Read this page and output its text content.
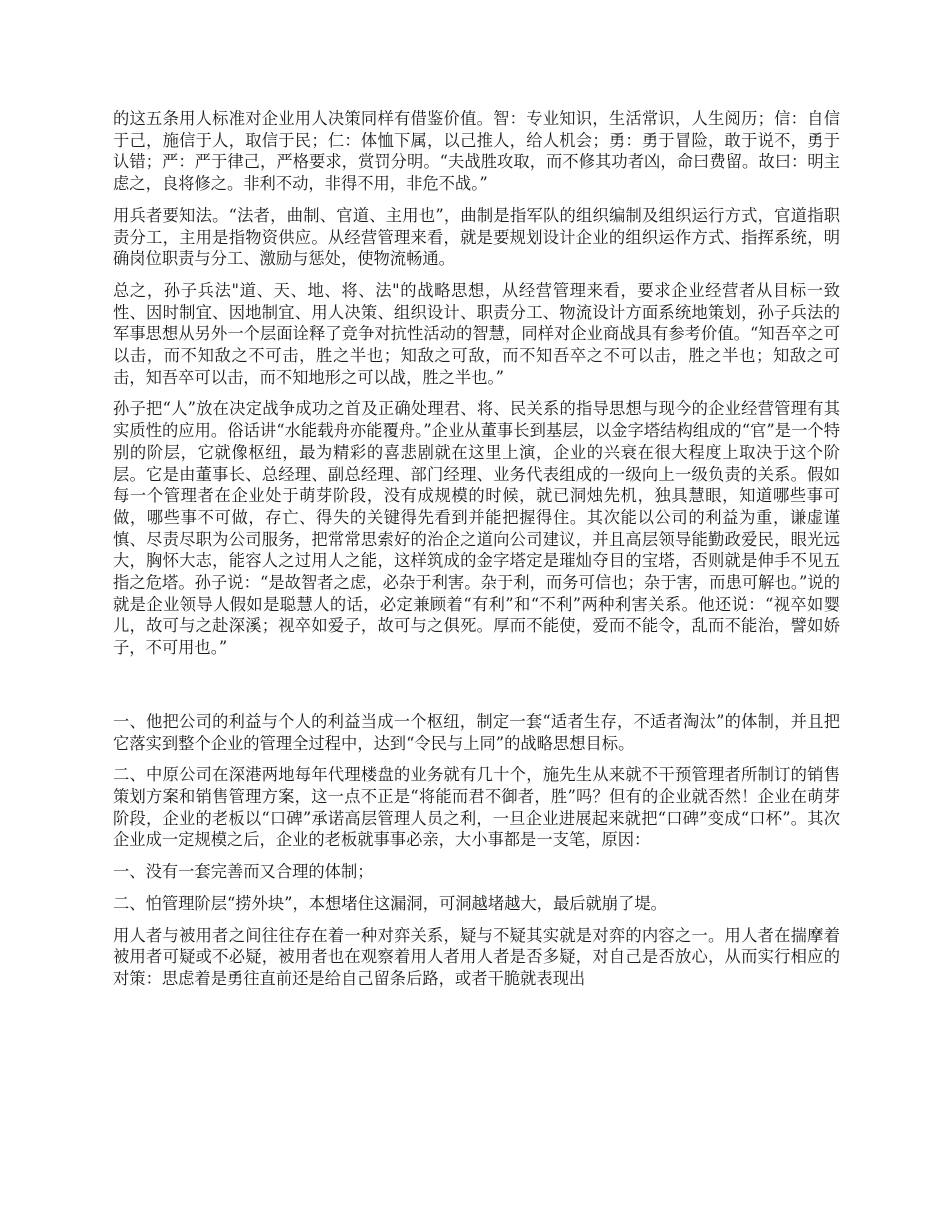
的这五条用人标准对企业用人决策同样有借鉴价值。智：专业知识，生活常识，人生阅历；信：自信于己，施信于人，取信于民；仁：体恤下属，以己推人，给人机会；勇：勇于冒险，敢于说不，勇于认错；严：严于律己，严格要求，赏罚分明。“夫战胜攻取，而不修其功者凶，命曰费留。故曰：明主虑之，良将修之。非利不动，非得不用，非危不战。”

用兵者要知法。“法者，曲制、官道、主用也”，曲制是指军队的组织编制及组织运行方式，官道指职责分工，主用是指物资供应。从经营管理来看，就是要规划设计企业的组织运作方式、指挥系统，明确岗位职责与分工、激励与惩处，使物流畅通。

总之，孙子兵法"道、天、地、将、法"的战略思想，从经营管理来看，要求企业经营者从目标一致性、因时制宜、因地制宜、用人决策、组织设计、职责分工、物流设计方面系统地策划，孙子兵法的军事思想从另外一个层面诠释了竞争对抗性活动的智慧，同样对企业商战具有参考价值。“知吾卒之可以击，而不知敌之不可击，胜之半也；知敌之可敌，而不知吾卒之不可以击，胜之半也；知敌之可击，知吾卒可以击，而不知地形之可以战，胜之半也。”

孙子把“人”放在决定战争成功之首及正确处理君、将、民关系的指导思想与现今的企业经营管理有其实质性的应用。俗话讲“水能载舟亦能覆舟。”企业从董事长到基层，以金字塔结构组成的“官”是一个特别的阶层，它就像枢纽，最为精彩的喜悲剧就在这里上演，企业的兴衰在很大程度上取决于这个阶层。它是由董事长、总经理、副总经理、部门经理、业务代表组成的一级向上一级负责的关系。假如每一个管理者在企业处于萌芽阶段，没有成规模的时候，就已洞烛先机，独具慧眼，知道哪些事可做，哪些事不可做，存亡、得失的关键得先看到并能把握得住。其次能以公司的利益为重，谦虚谨慎、尽责尽职为公司服务，把常常思索好的治企之道向公司建议，并且高层领导能勤政爱民，眼光远大，胸怀大志，能容人之过用人之能，这样筑成的金字塔定是璀灿夺目的宝塔，否则就是伸手不见五指之危塔。孙子说：“是故智者之虑，必杂于利害。杂于利，而务可信也；杂于害，而患可解也。”说的就是企业领导人假如是聪慧人的话，必定兼顾着“有利”和“不利”两种利害关系。他还说：“视卒如婴儿，故可与之赴深溪；视卒如爱子，故可与之俱死。厚而不能使，爱而不能令，乱而不能治，譬如娇子，不可用也。”

一、他把公司的利益与个人的利益当成一个枢纽，制定一套“适者生存，不适者淘汰”的体制，并且把它落实到整个企业的管理全过程中，达到“令民与上同”的战略思想目标。

二、中原公司在深港两地每年代理楼盘的业务就有几十个，施先生从来就不干预管理者所制订的销售策划方案和销售管理方案，这一点不正是“将能而君不御者，胜”吗？但有的企业就否然！企业在萌芽阶段，企业的老板以“口碑”承诺高层管理人员之利，一旦企业进展起来就把“口碑”变成“口杯”。其次企业成一定规模之后，企业的老板就事事必亲，大小事都是一支笔，原因：

一、没有一套完善而又合理的体制；

二、怕管理阶层“捞外块”，本想堵住这漏洞，可洞越堵越大，最后就崩了堤。

用人者与被用者之间往往存在着一种对弈关系，疑与不疑其实就是对弈的内容之一。用人者在揣摩着被用者可疑或不必疑，被用者也在观察着用人者用人者是否多疑，对自己是否放心，从而实行相应的对策：思虑着是勇往直前还是给自己留条后路，或者干脆就表现出
